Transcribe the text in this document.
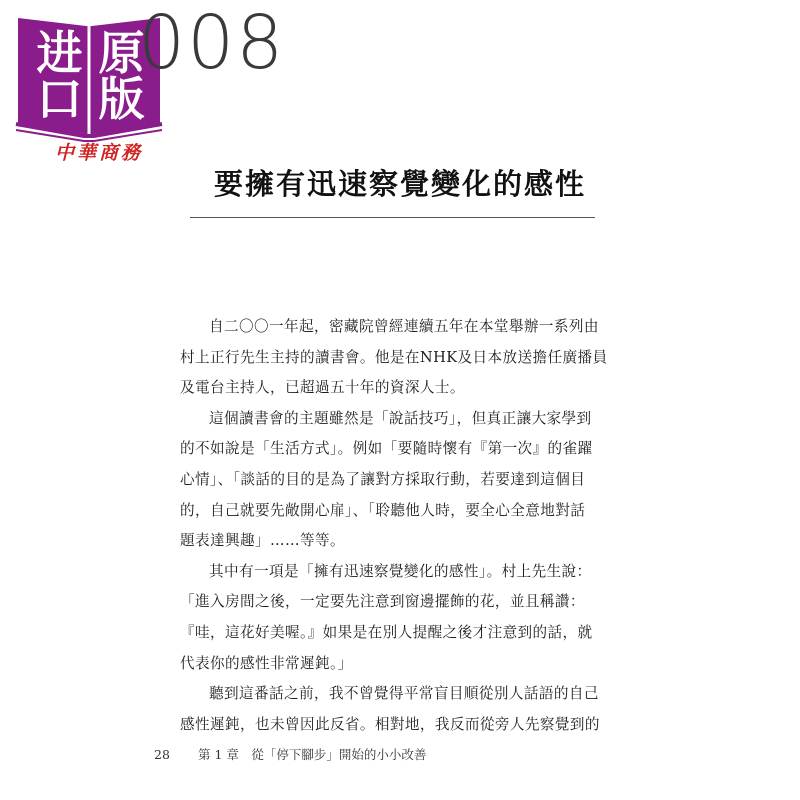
进
口
原
版
中華商務
008
要擁有迅速察覺變化的感性
自二〇〇一年起，密藏院曾經連續五年在本堂舉辦一系列由
村上正行先生主持的讀書會。他是在NHK及日本放送擔任廣播員
及電台主持人，已超過五十年的資深人士。
這個讀書會的主題雖然是「說話技巧」，但真正讓大家學到
的不如說是「生活方式」。例如「要隨時懷有『第一次』的雀躍
心情」、「談話的目的是為了讓對方採取行動，若要達到這個目
的，自己就要先敞開心扉」、「聆聽他人時，要全心全意地對話
題表達興趣」……等等。
其中有一項是「擁有迅速察覺變化的感性」。村上先生說：
「進入房間之後，一定要先注意到窗邊擺飾的花，並且稱讚：
『哇，這花好美喔。』如果是在別人提醒之後才注意到的話，就
代表你的感性非常遲鈍。」
聽到這番話之前，我不曾覺得平常盲目順從別人話語的自己
感性遲鈍，也未曾因此反省。相對地，我反而從旁人先察覺到的
28 第 1 章　從「停下腳步」開始的小小改善
